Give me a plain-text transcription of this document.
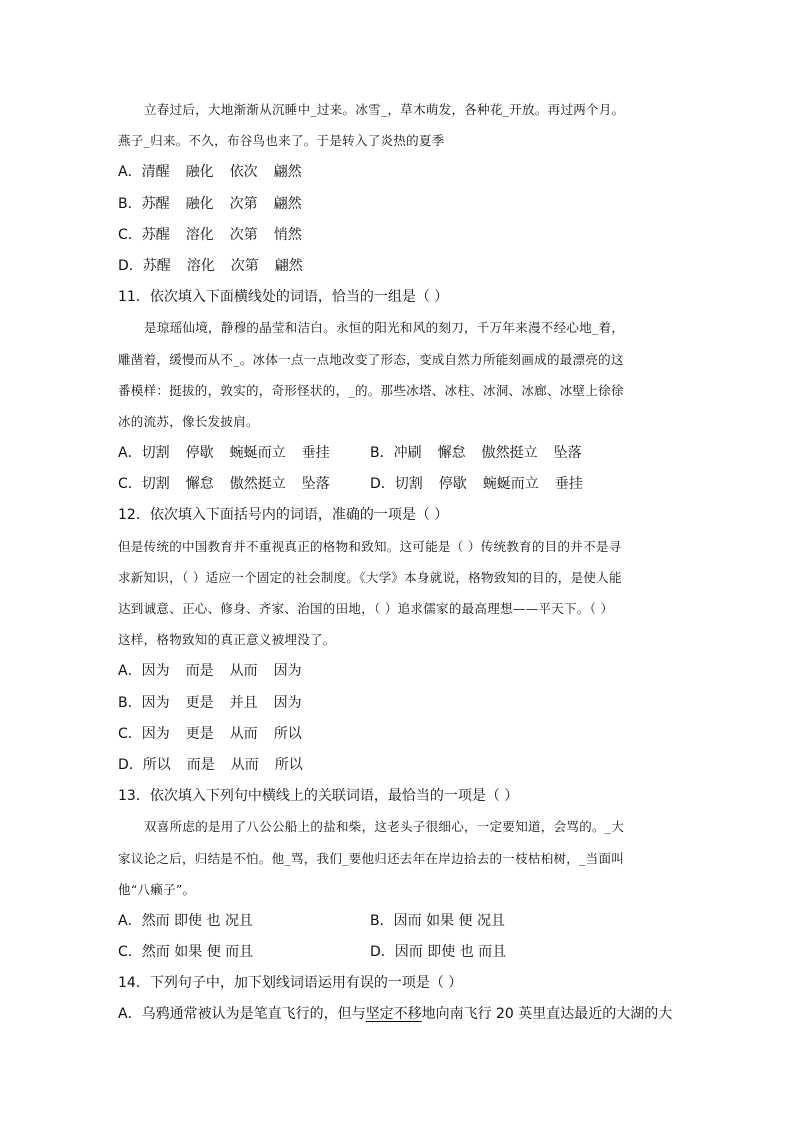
立春过后，大地渐渐从沉睡中_过来。冰雪_，草木萌发，各种花_开放。再过两个月。
燕子_归来。不久，布谷鸟也来了。于是转入了炎热的夏季
A．清醒 融化 依次 翩然
B．苏醒 融化 次第 翩然
C．苏醒 溶化 次第 悄然
D．苏醒 溶化 次第 翩然
11．依次填入下面横线处的词语，恰当的一组是（ ）
是琼瑶仙境，静穆的晶莹和洁白。永恒的阳光和风的刻刀，千万年来漫不经心地_着，
雕凿着，缓慢而从不_。冰体一点一点地改变了形态，变成自然力所能刻画成的最漂亮的这
番模样：挺拔的，敦实的，奇形怪状的，_的。那些冰塔、冰柱、冰洞、冰廊、冰壁上徐徐
冰的流苏，像长发披肩。
A．切割 停歇 蜿蜒而立 垂挂	B．冲刷 懈怠 傲然挺立 坠落
C．切割 懈怠 傲然挺立 坠落	D．切割 停歇 蜿蜒而立 垂挂
12．依次填入下面括号内的词语，准确的一项是（ ）
但是传统的中国教育并不重视真正的格物和致知。这可能是（ ）传统教育的目的并不是寻
求新知识，（ ）适应一个固定的社会制度。《大学》本身就说，格物致知的目的，是使人能
达到诚意、正心、修身、齐家、治国的田地，（ ）追求儒家的最高理想——平天下。（ ）
这样，格物致知的真正意义被埋没了。
A．因为 而是 从而 因为
B．因为 更是 并且 因为
C．因为 更是 从而 所以
D．所以 而是 从而 所以
13．依次填入下列句中横线上的关联词语，最恰当的一项是（ ）
双喜所虑的是用了八公公船上的盐和柴，这老头子很细心，一定要知道，会骂的。_大
家议论之后，归结是不怕。他_骂，我们_要他归还去年在岸边拾去的一枝枯桕树，_当面叫
他“八癞子”。
A．然而 即使 也 况且	B．因而 如果 便 况且
C．然而 如果 便 而且	D．因而 即使 也 而且
14．下列句子中，加下划线词语运用有误的一项是（ ）
A．乌鸦通常被认为是笔直飞行的，但与坚定不移地向南飞行 20 英里直达最近的大湖的大
